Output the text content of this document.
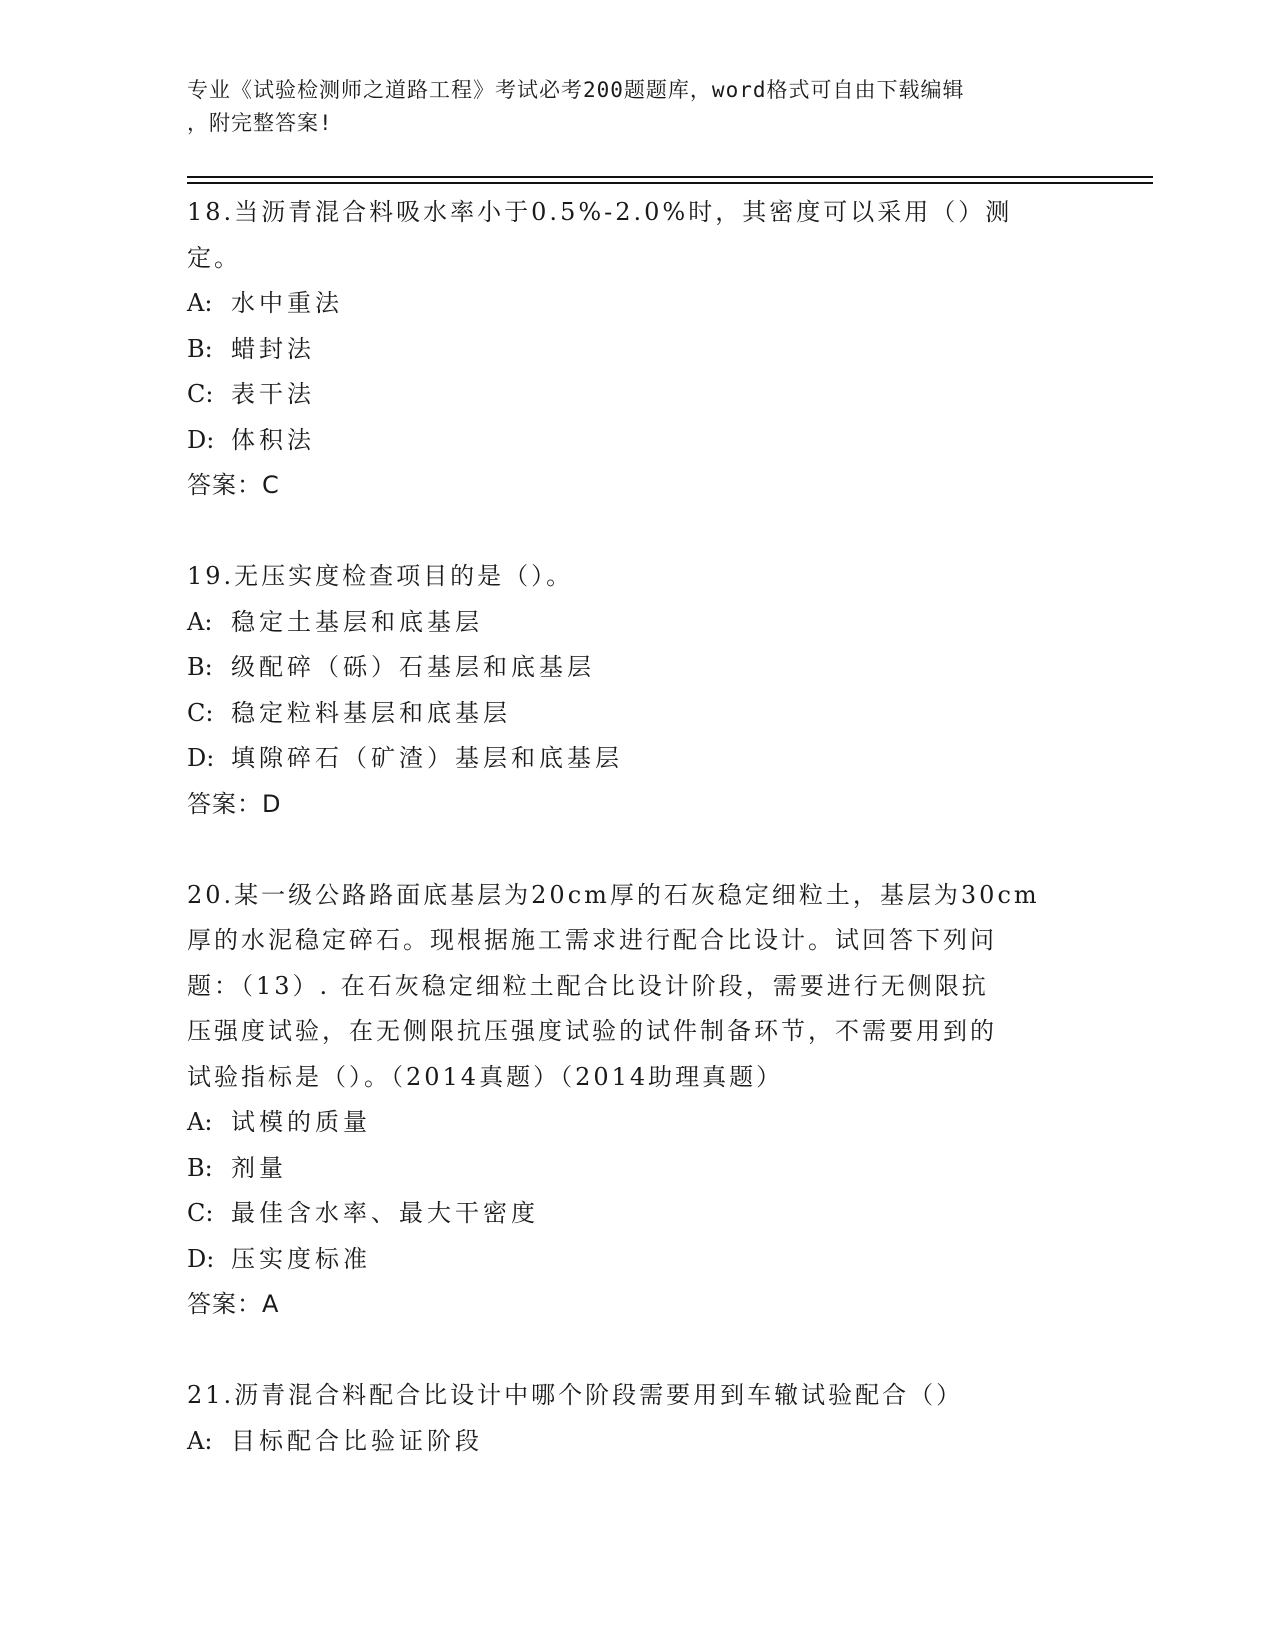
专业《试验检测师之道路工程》考试必考200题题库，word格式可自由下载编辑
，附完整答案!
18.当沥青混合料吸水率小于0.5%-2.0%时，其密度可以采用（）测
定。
A: 水中重法
B: 蜡封法
C: 表干法
D: 体积法
答案：C
19.无压实度检查项目的是（）。
A: 稳定土基层和底基层
B: 级配碎（砾）石基层和底基层
C: 稳定粒料基层和底基层
D: 填隙碎石（矿渣）基层和底基层
答案：D
20.某一级公路路面底基层为20cm厚的石灰稳定细粒土，基层为30cm
厚的水泥稳定碎石。现根据施工需求进行配合比设计。试回答下列问
题：（13）. 在石灰稳定细粒土配合比设计阶段，需要进行无侧限抗
压强度试验，在无侧限抗压强度试验的试件制备环节，不需要用到的
试验指标是（）。（2014真题）（2014助理真题）
A: 试模的质量
B: 剂量
C: 最佳含水率、最大干密度
D: 压实度标准
答案：A
21.沥青混合料配合比设计中哪个阶段需要用到车辙试验配合（）
A: 目标配合比验证阶段
